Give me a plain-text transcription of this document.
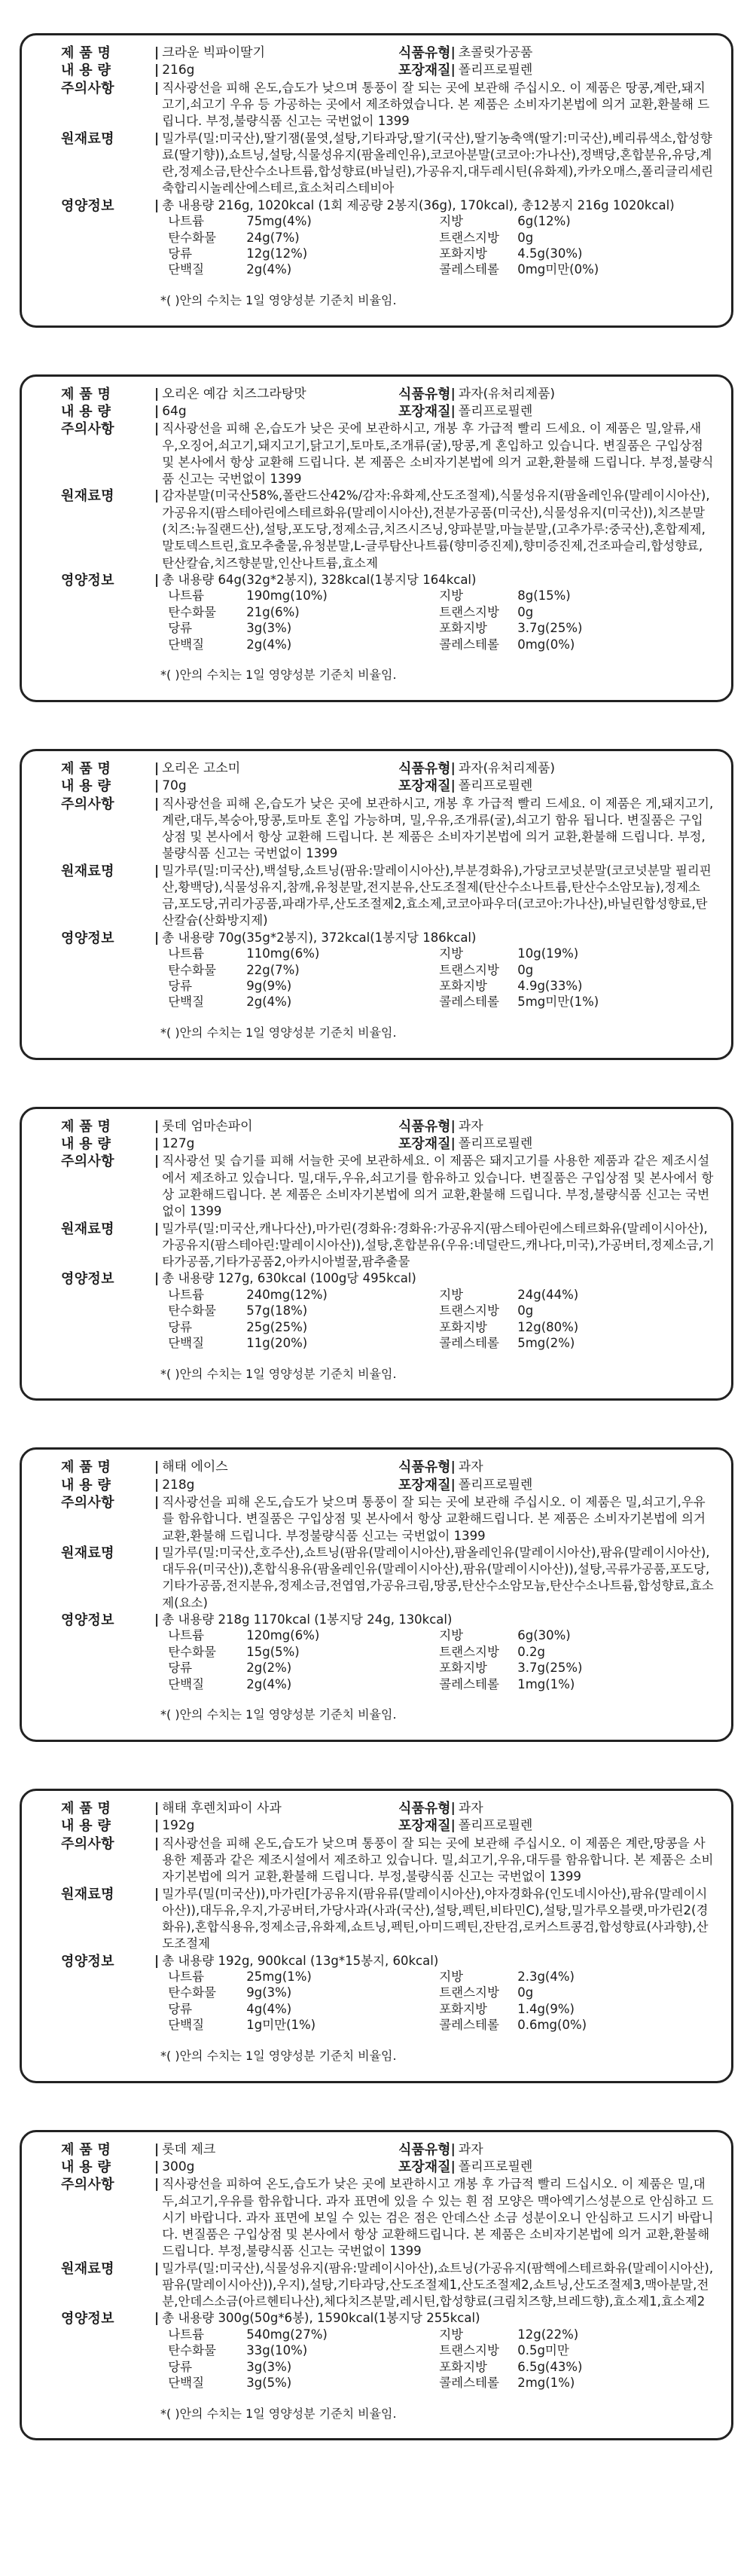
제 품 명	| 크라운 빅파이딸기	식품유형 | 초콜릿가공품
내 용 량	| 216g	포장재질 | 폴리프로필렌
주의사항	| 직사광선을 피해 온도,습도가 낮으며 통풍이 잘 되는 곳에 보관해 주십시오. 이 제품은 땅콩,계란,돼지고기,쇠고기 우유 등 가공하는 곳에서 제조하였습니다. 본 제품은 소비자기본법에 의거 교환,환불해 드립니다. 부정,불량식품 신고는 국번없이 1399
원재료명	| 밀가루(밀:미국산),딸기잼(물엿,설탕,기타과당,딸기(국산),딸기농축액(딸기:미국산),베리류색소,합성향료(딸기향)),쇼트닝,설탕,식물성유지(팜올레인유),코코아분말(코코아:가나산),정백당,혼합분유,유당,계란,정제소금,탄산수소나트륨,합성향료(바닐린),가공유지,대두레시틴(유화제),카카오매스,폴리글리세린축합리시놀레산에스테르,효소처리스테비아
영양정보	| 총 내용량 216g, 1020kcal (1회 제공량 2봉지(36g), 170kcal), 총12봉지 216g 1020kcal)
나트륨	75mg(4%)	지방	6g(12%)
탄수화물	24g(7%)	트랜스지방	0g
당류	12g(12%)	포화지방	4.5g(30%)
단백질	2g(4%)	콜레스테롤	0mg미만(0%)
*( )안의 수치는 1일 영양성분 기준치 비율임.
제 품 명	| 오리온 예감 치즈그라탕맛	식품유형 | 과자(유처리제품)
내 용 량	| 64g	포장재질 | 폴리프로필렌
주의사항	| 직사광선을 피해 온,습도가 낮은 곳에 보관하시고, 개봉 후 가급적 빨리 드세요. 이 제품은 밀,알류,새우,오징어,쇠고기,돼지고기,닭고기,토마토,조개류(굴),땅콩,게 혼입하고 있습니다. 변질품은 구입상점 및 본사에서 항상 교환해 드립니다. 본 제품은 소비자기본법에 의거 교환,환불해 드립니다. 부정,불량식품 신고는 국번없이 1399
원재료명	| 감자분말(미국산58%,폴란드산42%/감자:유화제,산도조절제),식물성유지(팜올레인유(말레이시아산),가공유지(팜스테아린에스테르화유(말레이시아산),전분가공품(미국산),식물성유지(미국산)),치즈분말(치즈:뉴질랜드산),설탕,포도당,정제소금,치즈시즈닝,양파분말,마늘분말,(고추가루:중국산),혼합제제,말토덱스트린,효모추출물,유청분말,L-글루탐산나트륨(향미증진제),향미증진제,건조파슬리,합성향료,탄산칼슘,치즈향분말,인산나트륨,효소제
영양정보	| 총 내용량 64g(32g*2봉지), 328kcal(1봉지당 164kcal)
나트륨	190mg(10%)	지방	8g(15%)
탄수화물	21g(6%)	트랜스지방	0g
당류	3g(3%)	포화지방	3.7g(25%)
단백질	2g(4%)	콜레스테롤	0mg(0%)
*( )안의 수치는 1일 영양성분 기준치 비율임.
제 품 명	| 오리온 고소미	식품유형 | 과자(유처리제품)
내 용 량	| 70g	포장재질 | 폴리프로필렌
주의사항	| 직사광선을 피해 온,습도가 낮은 곳에 보관하시고, 개봉 후 가급적 빨리 드세요. 이 제품은 게,돼지고기,계란,대두,복숭아,땅콩,토마토 혼입 가능하며, 밀,우유,조개류(굴),쇠고기 함유 됩니다. 변질품은 구입상점 및 본사에서 항상 교환해 드립니다. 본 제품은 소비자기본법에 의거 교환,환불해 드립니다. 부정,불량식품 신고는 국번없이 1399
원재료명	| 밀가루(밀:미국산),백설탕,쇼트닝(팜유:말레이시아산),부분경화유),가당코코넛분말(코코넛분말 필리핀산,황백당),식물성유지,참깨,유청분말,전지분유,산도조절제(탄산수소나트륨,탄산수소암모늄),정제소금,포도당,귀리가공품,파래가루,산도조절제2,효소제,코코아파우더(코코아:가나산),바닐린합성향료,탄산칼슘(산화방지제)
영양정보	| 총 내용량 70g(35g*2봉지), 372kcal(1봉지당 186kcal)
나트륨	110mg(6%)	지방	10g(19%)
탄수화물	22g(7%)	트랜스지방	0g
당류	9g(9%)	포화지방	4.9g(33%)
단백질	2g(4%)	콜레스테롤	5mg미만(1%)
*( )안의 수치는 1일 영양성분 기준치 비율임.
제 품 명	| 롯데 엄마손파이	식품유형 | 과자
내 용 량	| 127g	포장재질 | 폴리프로필렌
주의사항	| 직사광선 및 습기를 피해 서늘한 곳에 보관하세요. 이 제품은 돼지고기를 사용한 제품과 같은 제조시설에서 제조하고 있습니다. 밀,대두,우유,쇠고기를 함유하고 있습니다. 변질품은 구입상점 및 본사에서 항상 교환해드립니다. 본 제품은 소비자기본법에 의거 교환,환불해 드립니다. 부정,불량식품 신고는 국번없이 1399
원재료명	| 밀가루(밀:미국산,캐나다산),마가린(경화유:경화유:가공유지(팜스테아린에스테르화유(말레이시아산),가공유지(팜스테아린:말레이시아산)),설탕,혼합분유(우유:네덜란드,캐나다,미국),가공버터,정제소금,기타가공품,기타가공품2,아카시아벌꿀,팜추출물
영양정보	| 총 내용량 127g, 630kcal (100g당 495kcal)
나트륨	240mg(12%)	지방	24g(44%)
탄수화물	57g(18%)	트랜스지방	0g
당류	25g(25%)	포화지방	12g(80%)
단백질	11g(20%)	콜레스테롤	5mg(2%)
*( )안의 수치는 1일 영양성분 기준치 비율임.
제 품 명	| 해태 에이스	식품유형 | 과자
내 용 량	| 218g	포장재질 | 폴리프로필렌
주의사항	| 직사광선을 피해 온도,습도가 낮으며 통풍이 잘 되는 곳에 보관해 주십시오. 이 제품은 밀,쇠고기,우유를 함유합니다. 변질품은 구입상점 및 본사에서 항상 교환해드립니다. 본 제품은 소비자기본법에 의거 교환,환불해 드립니다. 부정불량식품 신고는 국번없이 1399
원재료명	| 밀가루(밀:미국산,호주산),쇼트닝(팜유(말레이시아산),팜올레인유(말레이시아산),팜유(말레이시아산),대두유(미국산)),혼합식용유(팜올레인유(말레이시아산),팜유(말레이시아산)),설탕,곡류가공품,포도당,기타가공품,전지분유,정제소금,전엽염,가공유크림,땅콩,탄산수소암모늄,탄산수소나트륨,합성향료,효소제(요소)
영양정보	| 총 내용량 218g 1170kcal (1봉지당 24g, 130kcal)
나트륨	120mg(6%)	지방	6g(30%)
탄수화물	15g(5%)	트랜스지방	0.2g
당류	2g(2%)	포화지방	3.7g(25%)
단백질	2g(4%)	콜레스테롤	1mg(1%)
*( )안의 수치는 1일 영양성분 기준치 비율임.
제 품 명	| 해태 후렌치파이 사과	식품유형 | 과자
내 용 량	| 192g	포장재질 | 폴리프로필렌
주의사항	| 직사광선을 피해 온도,습도가 낮으며 통풍이 잘 되는 곳에 보관해 주십시오. 이 제품은 계란,땅콩을 사용한 제품과 같은 제조시설에서 제조하고 있습니다. 밀,쇠고기,우유,대두를 함유합니다. 본 제품은 소비자기본법에 의거 교환,환불해 드립니다. 부정,불량식품 신고는 국번없이 1399
원재료명	| 밀가루(밀(미국산)),마가린[가공유지(팜유류(말레이시아산),야자경화유(인도네시아산),팜유(말레이시아산)),대두유,우지,가공버터,가당사과(사과(국산),설탕,펙틴,비타민C),설탕,밀가루오블랫,마가린2(경화유),혼합식용유,정제소금,유화제,쇼트닝,펙틴,아미드펙틴,잔탄검,로커스트콩검,합성향료(사과향),산도조절제
영양정보	| 총 내용량 192g, 900kcal (13g*15봉지, 60kcal)
나트륨	25mg(1%)	지방	2.3g(4%)
탄수화물	9g(3%)	트랜스지방	0g
당류	4g(4%)	포화지방	1.4g(9%)
단백질	1g미만(1%)	콜레스테롤	0.6mg(0%)
*( )안의 수치는 1일 영양성분 기준치 비율임.
제 품 명	| 롯데 제크	식품유형 | 과자
내 용 량	| 300g	포장재질 | 폴리프로필렌
주의사항	| 직사광선을 피하여 온도,습도가 낮은 곳에 보관하시고 개봉 후 가급적 빨리 드십시오. 이 제품은 밀,대두,쇠고기,우유를 함유합니다. 과자 표면에 있을 수 있는 흰 점 모양은 맥아엑기스성분으로 안심하고 드시기 바랍니다. 과자 표면에 보일 수 있는 검은 점은 안데스산 소금 성분이오니 안심하고 드시기 바랍니다. 변질품은 구입상점 및 본사에서 항상 교환해드립니다. 본 제품은 소비자기본법에 의거 교환,환불해드립니다. 부정,불량식품 신고는 국번없이 1399
원재료명	| 밀가루(밀:미국산),식물성유지(팜유:말레이시아산),쇼트닝(가공유지(팜핵에스테르화유(말레이시아산),팜유(말레이시아산)),우지),설탕,기타과당,산도조절제1,산도조절제2,쇼트닝,산도조절제3,맥아분말,전분,안데스소금(아르헨티나산),체다치즈분말,레시틴,합성향료(크림치즈향,브레드향),효소제1,효소제2
영양정보	| 총 내용량 300g(50g*6봉), 1590kcal(1봉지당 255kcal)
나트륨	540mg(27%)	지방	12g(22%)
탄수화물	33g(10%)	트랜스지방	0.5g미만
당류	3g(3%)	포화지방	6.5g(43%)
단백질	3g(5%)	콜레스테롤	2mg(1%)
*( )안의 수치는 1일 영양성분 기준치 비율임.
